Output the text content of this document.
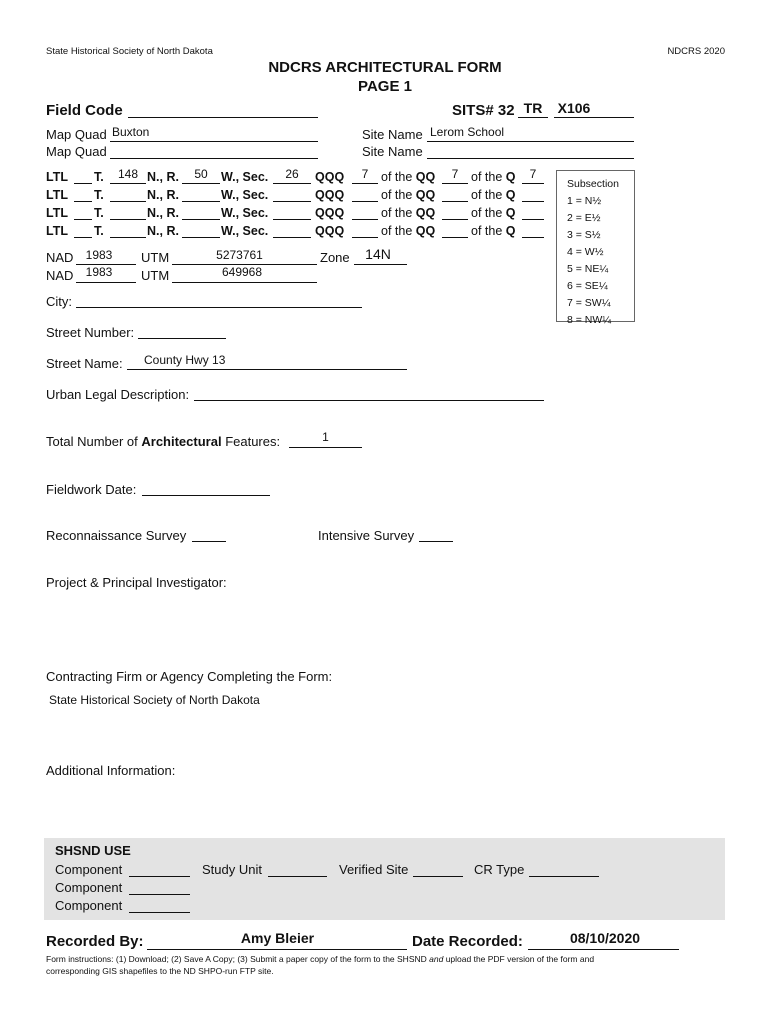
State Historical Society of North Dakota	NDCRS 2020
NDCRS ARCHITECTURAL FORM
PAGE 1
Field Code	SITS# 32 TR	X106
Map Quad Buxton
Map Quad
Site Name Lerom School
Site Name
LTL T.	148 N., R.	50	W., Sec.	26	QQQ	7	of the QQ	7	of the Q	7
LTL T.	N., R.	W., Sec.	QQQ	of the QQ	of the Q
LTL T.	N., R.	W., Sec.	QQQ	of the QQ	of the Q
LTL T.	N., R.	W., Sec.	QQQ	of the QQ	of the Q
Subsection
1 = N½
2 = E½
3 = S½
4 = W½
5 = NE¼
6 = SE¼
7 = SW¼
8 = NW¼
NAD	1983	UTM	5273761	Zone	14N
NAD	1983	UTM	649968
City:
Street Number:
Street Name: County Hwy 13
Urban Legal Description:
Total Number of Architectural Features:	1
Fieldwork Date:
Reconnaissance Survey	Intensive Survey
Project & Principal Investigator:
Contracting Firm or Agency Completing the Form:
State Historical Society of North Dakota
Additional Information:
SHSND USE
Component	Study Unit	Verified Site	CR Type
Component
Component
Recorded By:	Amy Bleier	Date Recorded:	08/10/2020
Form instructions: (1) Download; (2) Save A Copy; (3) Submit a paper copy of the form to the SHSND and upload the PDF version of the form and
corresponding GIS shapefiles to the ND SHPO-run FTP site.
